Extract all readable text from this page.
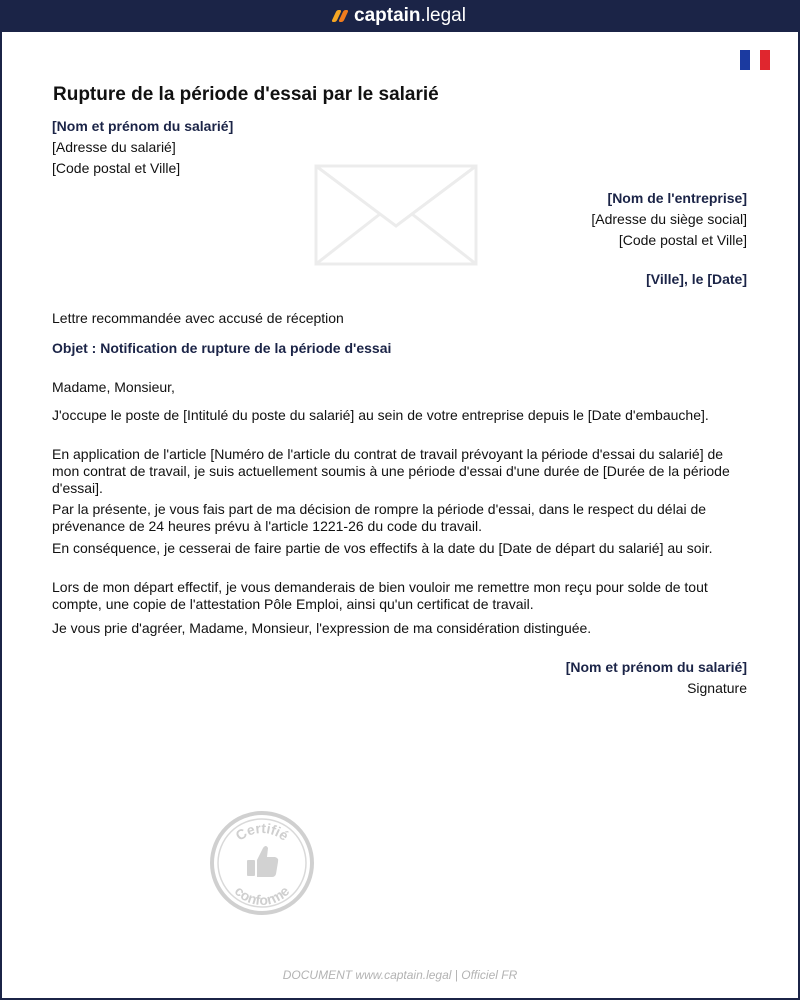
captain .legal
Rupture de la période d'essai par le salarié
[Nom et prénom du salarié]
[Adresse du salarié]
[Code postal et Ville]
[Nom de l'entreprise]
[Adresse du siège social]
[Code postal et Ville]
[Ville], le [Date]
Lettre recommandée avec accusé de réception
Objet : Notification de rupture de la période d'essai
Madame, Monsieur,

J'occupe le poste de [Intitulé du poste du salarié] au sein de votre entreprise depuis le [Date d'embauche].

En application de l'article [Numéro de l'article du contrat de travail prévoyant la période d'essai du salarié] de mon contrat de travail, je suis actuellement soumis à une période d'essai d'une durée de [Durée de la période d'essai].

Par la présente, je vous fais part de ma décision de rompre la période d'essai, dans le respect du délai de prévenance de 24 heures prévu à l'article 1221-26 du code du travail.

En conséquence, je cesserai de faire partie de vos effectifs à la date du [Date de départ du salarié] au soir.

Lors de mon départ effectif, je vous demanderais de bien vouloir me remettre mon reçu pour solde de tout compte, une copie de l'attestation Pôle Emploi, ainsi qu'un certificat de travail.

Je vous prie d'agréer, Madame, Monsieur, l'expression de ma considération distinguée.

[Nom et prénom du salarié]
Signature
Certifié
conforme
DOCUMENT www.captain.legal | Officiel FR
